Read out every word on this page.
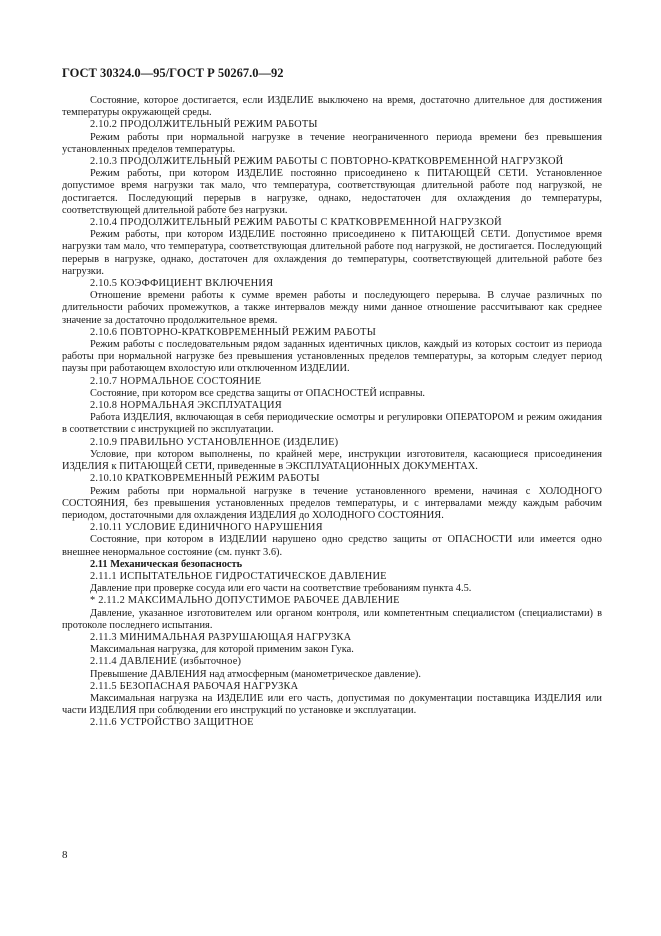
ГОСТ 30324.0—95/ГОСТ Р 50267.0—92

Состояние, которое достигается, если ИЗДЕЛИЕ выключено на время, достаточно длительное для достижения температуры окружающей среды.

2.10.2 ПРОДОЛЖИТЕЛЬНЫЙ РЕЖИМ РАБОТЫ

Режим работы при нормальной нагрузке в течение неограниченного периода времени без превышения установленных пределов температуры.

2.10.3 ПРОДОЛЖИТЕЛЬНЫЙ РЕЖИМ РАБОТЫ С ПОВТОРНО-КРАТКОВРЕМЕННОЙ НАГРУЗКОЙ

Режим работы, при котором ИЗДЕЛИЕ постоянно присоединено к ПИТАЮЩЕЙ СЕТИ. Установленное допустимое время нагрузки так мало, что температура, соответствующая длительной работе под нагрузкой, не достигается. Последующий перерыв в нагрузке, однако, недостаточен для охлаждения до температуры, соответствующей длительной работе без нагрузки.

2.10.4 ПРОДОЛЖИТЕЛЬНЫЙ РЕЖИМ РАБОТЫ С КРАТКОВРЕМЕННОЙ НАГРУЗКОЙ

Режим работы, при котором ИЗДЕЛИЕ постоянно присоединено к ПИТАЮЩЕЙ СЕТИ. Допустимое время нагрузки там мало, что температура, соответствующая длительной работе под нагрузкой, не достигается. Последующий перерыв в нагрузке, однако, достаточен для охлаждения до температуры, соответствующей длительной работе без нагрузки.

2.10.5 КОЭФФИЦИЕНТ ВКЛЮЧЕНИЯ

Отношение времени работы к сумме времен работы и последующего перерыва. В случае различных по длительности рабочих промежутков, а также интервалов между ними данное отношение рассчитывают как среднее значение за достаточно продолжительное время.

2.10.6 ПОВТОРНО-КРАТКОВРЕМЕННЫЙ РЕЖИМ РАБОТЫ

Режим работы с последовательным рядом заданных идентичных циклов, каждый из которых состоит из периода работы при нормальной нагрузке без превышения установленных пределов температуры, за которым следует период паузы при работающем вхолостую или отключенном ИЗДЕЛИИ.

2.10.7 НОРМАЛЬНОЕ СОСТОЯНИЕ

Состояние, при котором все средства защиты от ОПАСНОСТЕЙ исправны.

2.10.8 НОРМАЛЬНАЯ ЭКСПЛУАТАЦИЯ

Работа ИЗДЕЛИЯ, включающая в себя периодические осмотры и регулировки ОПЕРАТОРОМ и режим ожидания в соответствии с инструкцией по эксплуатации.

2.10.9 ПРАВИЛЬНО УСТАНОВЛЕННОЕ (ИЗДЕЛИЕ)

Условие, при котором выполнены, по крайней мере, инструкции изготовителя, касающиеся присоединения ИЗДЕЛИЯ к ПИТАЮЩЕЙ СЕТИ, приведенные в ЭКСПЛУАТАЦИОННЫХ ДОКУМЕНТАХ.

2.10.10 КРАТКОВРЕМЕННЫЙ РЕЖИМ РАБОТЫ

Режим работы при нормальной нагрузке в течение установленного времени, начиная с ХОЛОДНОГО СОСТОЯНИЯ, без превышения установленных пределов температуры, и с интервалами между каждым рабочим периодом, достаточными для охлаждения ИЗДЕЛИЯ до ХОЛОДНОГО СОСТОЯНИЯ.

2.10.11 УСЛОВИЕ ЕДИНИЧНОГО НАРУШЕНИЯ

Состояние, при котором в ИЗДЕЛИИ нарушено одно средство защиты от ОПАСНОСТИ или имеется одно внешнее ненормальное состояние (см. пункт 3.6).

2.11 Механическая безопасность

2.11.1 ИСПЫТАТЕЛЬНОЕ ГИДРОСТАТИЧЕСКОЕ ДАВЛЕНИЕ

Давление при проверке сосуда или его части на соответствие требованиям пункта 4.5.

* 2.11.2 МАКСИМАЛЬНО ДОПУСТИМОЕ РАБОЧЕЕ ДАВЛЕНИЕ

Давление, указанное изготовителем или органом контроля, или компетентным специалистом (специалистами) в протоколе последнего испытания.

2.11.3 МИНИМАЛЬНАЯ РАЗРУШАЮЩАЯ НАГРУЗКА

Максимальная нагрузка, для которой применим закон Гука.

2.11.4 ДАВЛЕНИЕ (избыточное)

Превышение ДАВЛЕНИЯ над атмосферным (манометрическое давление).

2.11.5 БЕЗОПАСНАЯ РАБОЧАЯ НАГРУЗКА

Максимальная нагрузка на ИЗДЕЛИЕ или его часть, допустимая по документации поставщика ИЗДЕЛИЯ или части ИЗДЕЛИЯ при соблюдении его инструкций по установке и эксплуатации.

2.11.6 УСТРОЙСТВО ЗАЩИТНОЕ

8
